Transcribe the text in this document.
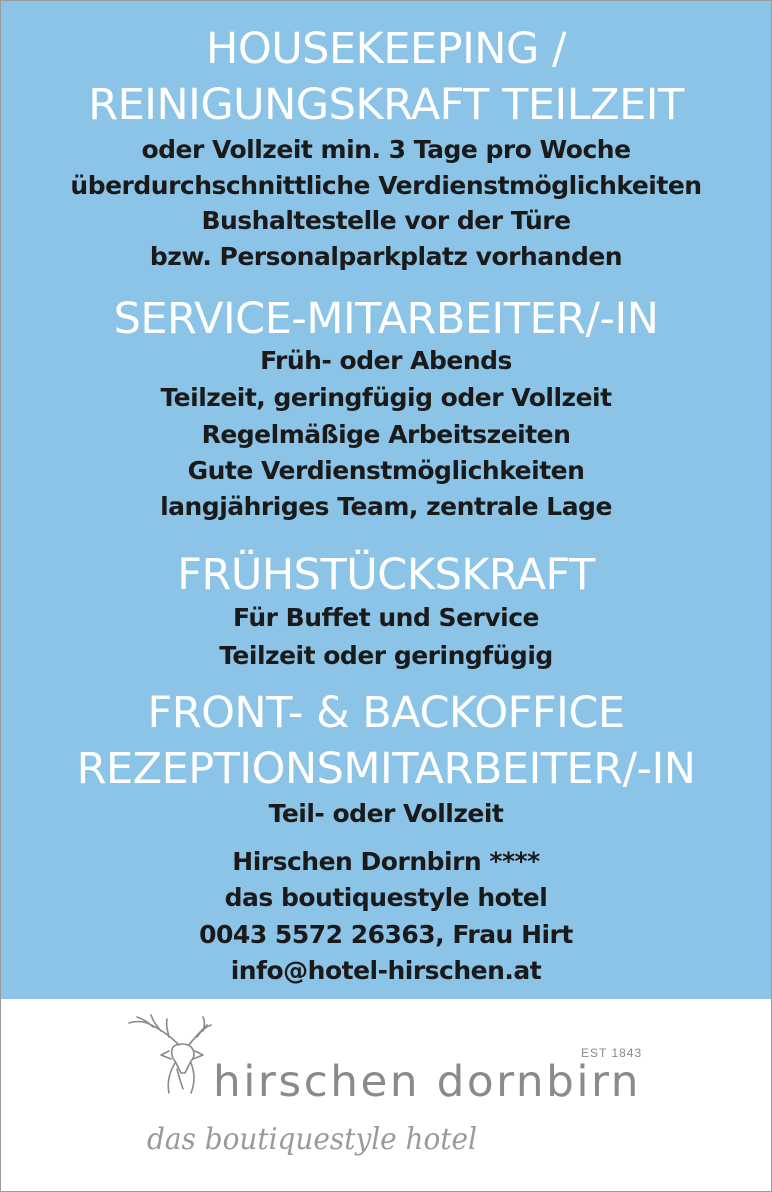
HOUSEKEEPING /
REINIGUNGSKRAFT TEILZEIT
oder Vollzeit min. 3 Tage pro Woche
überdurchschnittliche Verdienstmöglichkeiten
Bushaltestelle vor der Türe
bzw. Personalparkplatz vorhanden
SERVICE-MITARBEITER/-IN
Früh- oder Abends
Teilzeit, geringfügig oder Vollzeit
Regelmäßige Arbeitszeiten
Gute Verdienstmöglichkeiten
langjähriges Team, zentrale Lage
FRÜHSTÜCKSKRAFT
Für Buffet und Service
Teilzeit oder geringfügig
FRONT- & BACKOFFICE
REZEPTIONSMITARBEITER/-IN
Teil- oder Vollzeit
Hirschen Dornbirn ****
das boutiquestyle hotel
0043 5572 26363, Frau Hirt
info@hotel-hirschen.at
EST 1843
hirschen dornbirn
das boutiquestyle hotel
